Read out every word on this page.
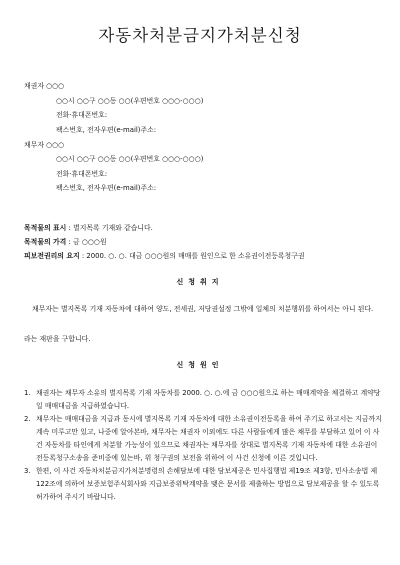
자동차처분금지가처분신청
채권자 ○○○
○○시 ○○구 ○○동 ○○(우편번호 ○○○-○○○)
전화·휴대폰번호:
팩스번호, 전자우편(e-mail)주소:
채무자 ○○○
○○시 ○○구 ○○동 ○○(우편번호 ○○○-○○○)
전화·휴대폰번호:
팩스번호, 전자우편(e-mail)주소:
목적물의 표시 : 별지목록 기재와 같습니다.
목적물의 가격 : 금 ○○○원
피보전권리의 요지 : 2000. ○. ○. 대금 ○○○원의 매매를 원인으로 한 소유권이전등록청구권
신청취지
채무자는 별지목록 기재 자동차에 대하여 양도, 전세권, 저당권설정 그밖에 일체의 처분행위를 하여서는 아니 된다.
라는 재판을 구합니다.
신청원인
1. 채권자는 채무자 소유의 별지목록 기재 자동차를 2000. ○. ○.에 금 ○○○원으로 하는 매매계약을 체결하고 계약당일 매매대금을 지급하였습니다.
2. 채무자는 매매대금을 지급과 동시에 별지목록 기재 자동차에 대한 소유권이전등록을 하여 주기로 하고서는 지금까지 계속 미루고만 있고, 나중에 알아본바, 채무자는 채권자 이외에도 다른 사람들에게 많은 채무를 부담하고 있어 이 사건 자동차를 타인에게 처분할 가능성이 있으므로 채권자는 채무자를 상대로 별지목록 기재 자동차에 대한 소유권이전등록청구소송을 준비중에 있는바, 위 청구권의 보전을 위하여 이 사건 신청에 이른 것입니다.
3. 한편, 이 사건 자동차처분금지가처분명령의 손해담보에 대한 담보제공은 민사집행법 제19조 제3항, 민사소송법 제122조에 의하여 보증보험주식회사와 지급보증위탁계약을 맺은 문서를 제출하는 방법으로 담보제공을 할 수 있도록 허가하여 주시기 바랍니다.
